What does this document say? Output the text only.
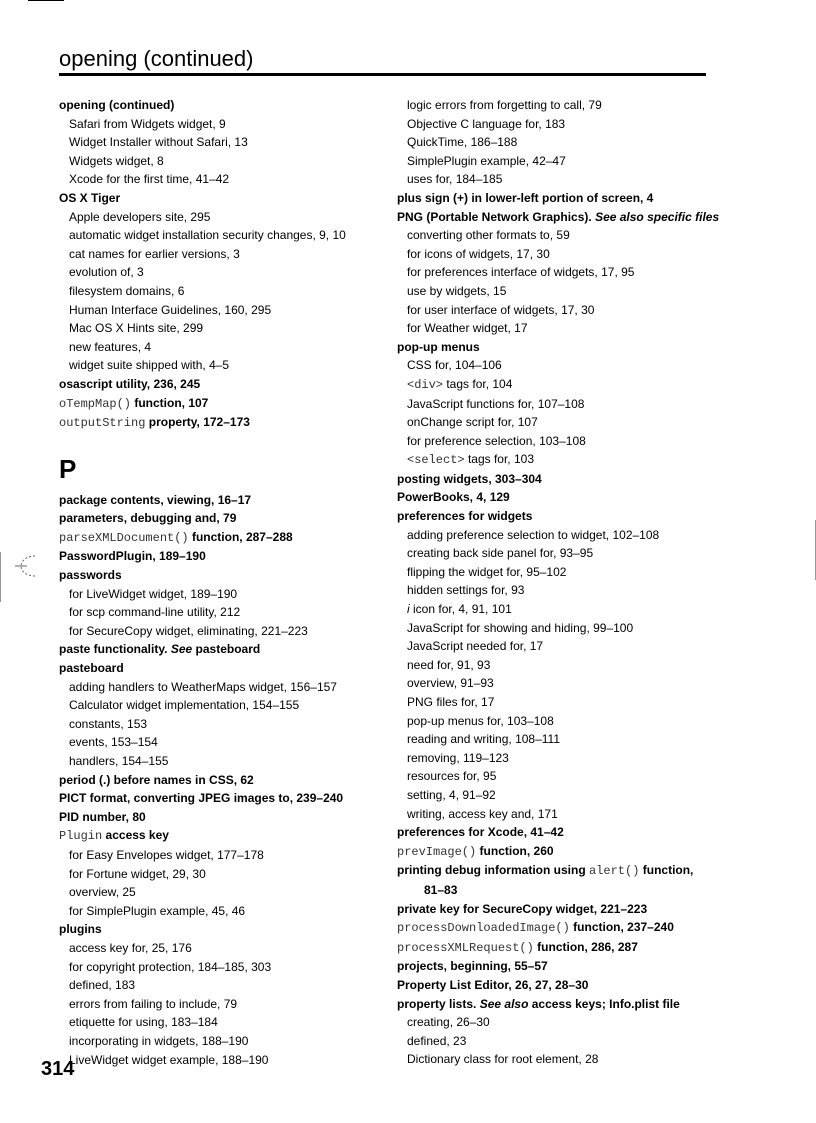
opening (continued)
opening (continued)
Safari from Widgets widget, 9
Widget Installer without Safari, 13
Widgets widget, 8
Xcode for the first time, 41–42
OS X Tiger
Apple developers site, 295
automatic widget installation security changes, 9, 10
cat names for earlier versions, 3
evolution of, 3
filesystem domains, 6
Human Interface Guidelines, 160, 295
Mac OS X Hints site, 299
new features, 4
widget suite shipped with, 4–5
osascript utility, 236, 245
oTempMap() function, 107
outputString property, 172–173
P
package contents, viewing, 16–17
parameters, debugging and, 79
parseXMLDocument() function, 287–288
PasswordPlugin, 189–190
passwords
for LiveWidget widget, 189–190
for scp command-line utility, 212
for SecureCopy widget, eliminating, 221–223
paste functionality. See pasteboard
pasteboard
adding handlers to WeatherMaps widget, 156–157
Calculator widget implementation, 154–155
constants, 153
events, 153–154
handlers, 154–155
period (.) before names in CSS, 62
PICT format, converting JPEG images to, 239–240
PID number, 80
Plugin access key
for Easy Envelopes widget, 177–178
for Fortune widget, 29, 30
overview, 25
for SimplePlugin example, 45, 46
plugins
access key for, 25, 176
for copyright protection, 184–185, 303
defined, 183
errors from failing to include, 79
etiquette for using, 183–184
incorporating in widgets, 188–190
LiveWidget widget example, 188–190
logic errors from forgetting to call, 79
Objective C language for, 183
QuickTime, 186–188
SimplePlugin example, 42–47
uses for, 184–185
plus sign (+) in lower-left portion of screen, 4
PNG (Portable Network Graphics). See also specific files
converting other formats to, 59
for icons of widgets, 17, 30
for preferences interface of widgets, 17, 95
use by widgets, 15
for user interface of widgets, 17, 30
for Weather widget, 17
pop-up menus
CSS for, 104–106
<div> tags for, 104
JavaScript functions for, 107–108
onChange script for, 107
for preference selection, 103–108
<select> tags for, 103
posting widgets, 303–304
PowerBooks, 4, 129
preferences for widgets
adding preference selection to widget, 102–108
creating back side panel for, 93–95
flipping the widget for, 95–102
hidden settings for, 93
i icon for, 4, 91, 101
JavaScript for showing and hiding, 99–100
JavaScript needed for, 17
need for, 91, 93
overview, 91–93
PNG files for, 17
pop-up menus for, 103–108
reading and writing, 108–111
removing, 119–123
resources for, 95
setting, 4, 91–92
writing, access key and, 171
preferences for Xcode, 41–42
prevImage() function, 260
printing debug information using alert() function,
81–83
private key for SecureCopy widget, 221–223
processDownloadedImage() function, 237–240
processXMLRequest() function, 286, 287
projects, beginning, 55–57
Property List Editor, 26, 27, 28–30
property lists. See also access keys; Info.plist file
creating, 26–30
defined, 23
Dictionary class for root element, 28
314
